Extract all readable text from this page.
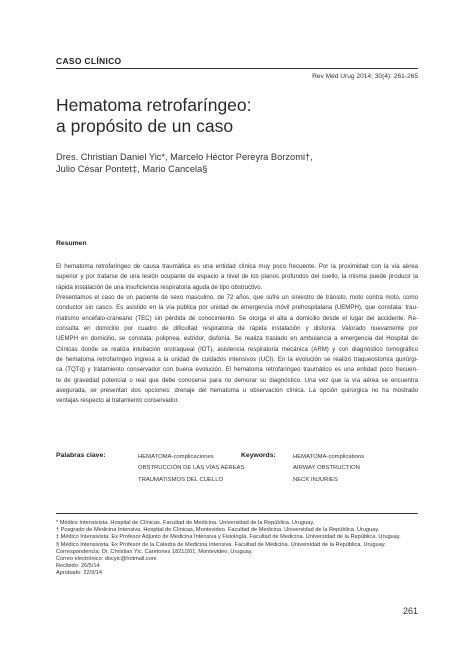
CASO CLÍNICO
Rev Méd Urug 2014; 30(4): 261-265
Hematoma retrofaríngeo:
a propósito de un caso
Dres. Christian Daniel Yic*, Marcelo Héctor Pereyra Borzomi†,
Julio César Pontet‡, Mario Cancela§
Resumen
El hematoma retrofaríngeo de causa traumática es una entidad clínica muy poco frecuente. Por la proximidad con la vía aérea
superior y por tratarse de una lesión ocupante de espacio a nivel de los planos profundos del cuello, la misma puede producir la
rápida instalación de una insuficiencia respiratoria aguda de tipo obstructivo.
Presentamos el caso de un paciente de sexo masculino, de 72 años, que sufre un siniestro de tránsito, moto contra moto, como
conductor sin casco. Es asistido en la vía pública por unidad de emergencia móvil prehospitalaria (UEMPH), que constata: trau-
matismo encéfalo-craneano (TEC) sin pérdida de conocimiento. Se otorga el alta a domicilio desde el lugar del accidente. Re-
consulta en domicilio por cuadro de dificultad respiratoria de rápida instalación y disfonía. Valorado nuevamente por
UEMPH en domicilio, se constata: polipnea, estridor, disfonía. Se realiza traslado en ambulancia a emergencia del Hospital de
Clínicas donde se realiza intubación orotraqueal (IOT), asistencia respiratoria mecánica (ARM) y con diagnóstico tomográfico
de hematoma retrofaríngeo ingresa a la unidad de cuidados intensivos (UCI). En la evolución se realizó traqueostomía quirúrgi-
ca (TQTq) y tratamiento conservador con buena evolución. El hematoma retrofaríngeo traumático es una entidad poco frecuen-
te de gravedad potencial o real que debe conocerse para no demorar su diagnóstico. Una vez que la vía aérea se encuentra
asegurada, se presentan dos opciones: drenaje del hematoma u observación clínica. La opción quirúrgica no ha mostrado
ventajas respecto al tratamiento conservador.
Palabras clave:	HEMATOMA-complicaciones
OBSTRUCCIÓN DE LAS VÍAS AÉREAS
TRAUMATISMOS DEL CUELLO
Keywords:	HEMATOMA-complications
AIRWAY OBSTRUCTION
NECK INJURIES
* Médico Intensivista. Hospital de Clínicas. Facultad de Medicina. Universidad de la República. Uruguay.
† Posgrado de Medicina Intensiva. Hospital de Clínicas, Montevideo. Facultad de Medicina. Universidad de la República. Uruguay.
‡ Médico Intensivista. Ex Profesor Adjunto de Medicina Intensiva y Fisiología. Facultad de Medicina. Universidad de la República. Uruguay.
§ Médico Intensivista. Ex Profesor de la Cátedra de Medicina Intensiva. Facultad de Medicina. Universidad de la República. Uruguay.
Correspondencia: Dr. Christian Yic. Caretones 1821/201, Montevideo, Uruguay.
Correo electrónico: docyic@hotmail.com
Recibido: 26/5/14
Aprobado: 22/9/14
261
